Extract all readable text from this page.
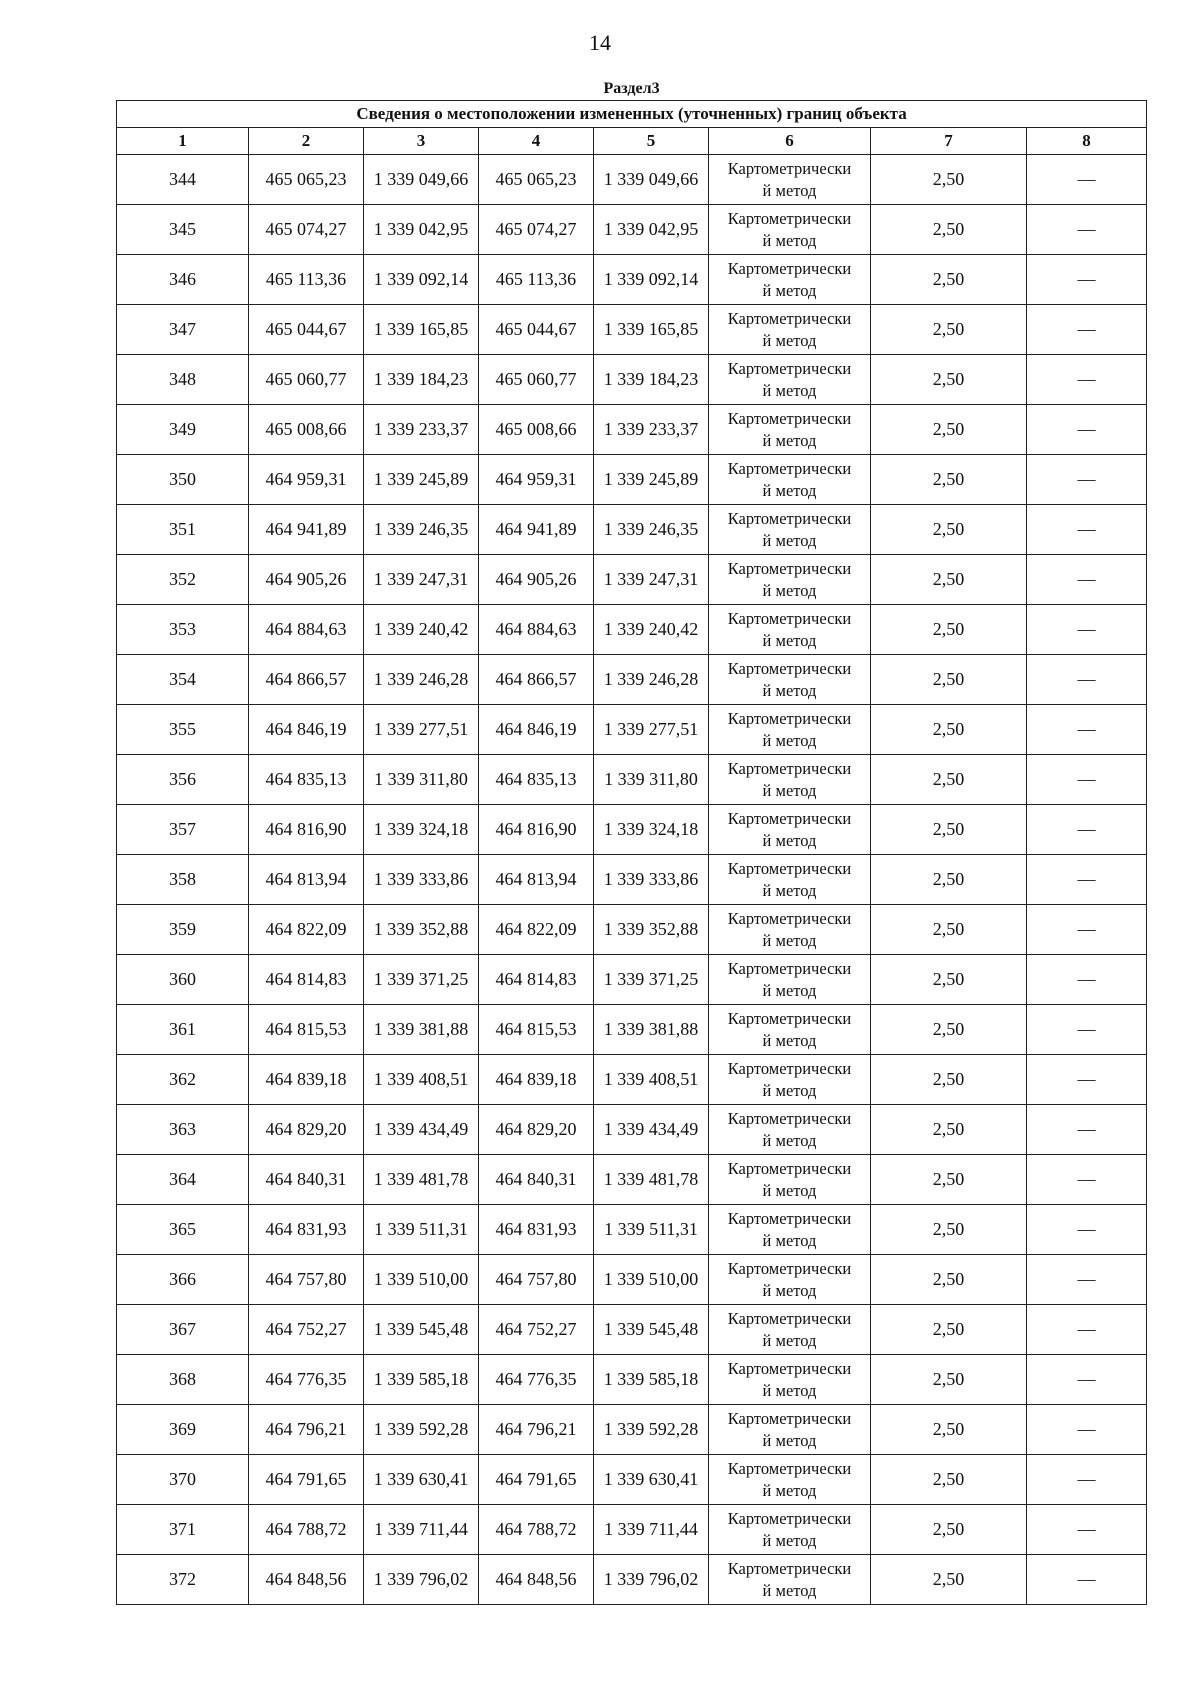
14
Раздел3							
Сведения о местоположении измененных (уточненных) границ объекта							
1	2	3	4	5	6	7	8
344	465 065,23	1 339 049,66	465 065,23	1 339 049,66	Картометрически
й метод	2,50	—
345	465 074,27	1 339 042,95	465 074,27	1 339 042,95	Картометрически
й метод	2,50	—
346	465 113,36	1 339 092,14	465 113,36	1 339 092,14	Картометрически
й метод	2,50	—
347	465 044,67	1 339 165,85	465 044,67	1 339 165,85	Картометрически
й метод	2,50	—
348	465 060,77	1 339 184,23	465 060,77	1 339 184,23	Картометрически
й метод	2,50	—
349	465 008,66	1 339 233,37	465 008,66	1 339 233,37	Картометрически
й метод	2,50	—
350	464 959,31	1 339 245,89	464 959,31	1 339 245,89	Картометрически
й метод	2,50	—
351	464 941,89	1 339 246,35	464 941,89	1 339 246,35	Картометрически
й метод	2,50	—
352	464 905,26	1 339 247,31	464 905,26	1 339 247,31	Картометрически
й метод	2,50	—
353	464 884,63	1 339 240,42	464 884,63	1 339 240,42	Картометрически
й метод	2,50	—
354	464 866,57	1 339 246,28	464 866,57	1 339 246,28	Картометрически
й метод	2,50	—
355	464 846,19	1 339 277,51	464 846,19	1 339 277,51	Картометрически
й метод	2,50	—
356	464 835,13	1 339 311,80	464 835,13	1 339 311,80	Картометрически
й метод	2,50	—
357	464 816,90	1 339 324,18	464 816,90	1 339 324,18	Картометрически
й метод	2,50	—
358	464 813,94	1 339 333,86	464 813,94	1 339 333,86	Картометрически
й метод	2,50	—
359	464 822,09	1 339 352,88	464 822,09	1 339 352,88	Картометрически
й метод	2,50	—
360	464 814,83	1 339 371,25	464 814,83	1 339 371,25	Картометрически
й метод	2,50	—
361	464 815,53	1 339 381,88	464 815,53	1 339 381,88	Картометрически
й метод	2,50	—
362	464 839,18	1 339 408,51	464 839,18	1 339 408,51	Картометрически
й метод	2,50	—
363	464 829,20	1 339 434,49	464 829,20	1 339 434,49	Картометрически
й метод	2,50	—
364	464 840,31	1 339 481,78	464 840,31	1 339 481,78	Картометрически
й метод	2,50	—
365	464 831,93	1 339 511,31	464 831,93	1 339 511,31	Картометрически
й метод	2,50	—
366	464 757,80	1 339 510,00	464 757,80	1 339 510,00	Картометрически
й метод	2,50	—
367	464 752,27	1 339 545,48	464 752,27	1 339 545,48	Картометрически
й метод	2,50	—
368	464 776,35	1 339 585,18	464 776,35	1 339 585,18	Картометрически
й метод	2,50	—
369	464 796,21	1 339 592,28	464 796,21	1 339 592,28	Картометрически
й метод	2,50	—
370	464 791,65	1 339 630,41	464 791,65	1 339 630,41	Картометрически
й метод	2,50	—
371	464 788,72	1 339 711,44	464 788,72	1 339 711,44	Картометрически
й метод	2,50	—
372	464 848,56	1 339 796,02	464 848,56	1 339 796,02	Картометрически
й метод	2,50	—
